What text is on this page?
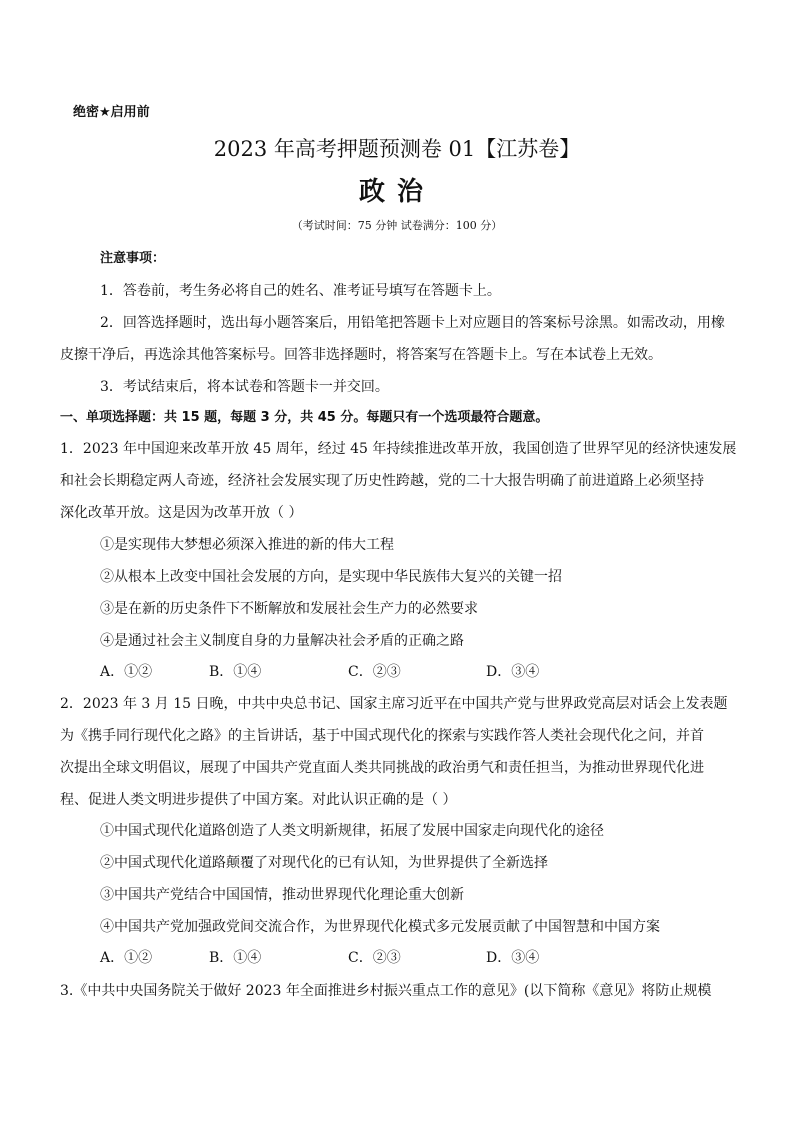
绝密★启用前
2023 年高考押题预测卷 01【江苏卷】
政治
（考试时间：75 分钟 试卷满分：100 分）
注意事项：
1．答卷前，考生务必将自己的姓名、准考证号填写在答题卡上。
2．回答选择题时，选出每小题答案后，用铅笔把答题卡上对应题目的答案标号涂黑。如需改动，用橡
皮擦干净后，再选涂其他答案标号。回答非选择题时，将答案写在答题卡上。写在本试卷上无效。
3．考试结束后，将本试卷和答题卡一并交回。
一、单项选择题：共 15 题，每题 3 分，共 45 分。每题只有一个选项最符合题意。
1．2023 年中国迎来改革开放 45 周年，经过 45 年持续推进改革开放，我国创造了世界罕见的经济快速发展
和社会长期稳定两人奇迹，经济社会发展实现了历史性跨越，党的二十大报告明确了前进道路上必须坚持
深化改革开放。这是因为改革开放（ ）
①是实现伟大梦想必须深入推进的新的伟大工程
②从根本上改变中国社会发展的方向，是实现中华民族伟大复兴的关键一招
③是在新的历史条件下不断解放和发展社会生产力的必然要求
④是通过社会主义制度自身的力量解决社会矛盾的正确之路
A．①②	B．①④	C．②③	D．③④
2．2023 年 3 月 15 日晚，中共中央总书记、国家主席习近平在中国共产党与世界政党高层对话会上发表题
为《携手同行现代化之路》的主旨讲话，基于中国式现代化的探索与实践作答人类社会现代化之问，并首
次提出全球文明倡议，展现了中国共产党直面人类共同挑战的政治勇气和责任担当，为推动世界现代化进
程、促进人类文明进步提供了中国方案。对此认识正确的是（ ）
①中国式现代化道路创造了人类文明新规律，拓展了发展中国家走向现代化的途径
②中国式现代化道路颠覆了对现代化的已有认知，为世界提供了全新选择
③中国共产党结合中国国情，推动世界现代化理论重大创新
④中国共产党加强政党间交流合作，为世界现代化模式多元发展贡献了中国智慧和中国方案
A．①②	B．①④	C．②③	D．③④
3.《中共中央国务院关于做好 2023 年全面推进乡村振兴重点工作的意见》(以下简称《意见》将防止规模
